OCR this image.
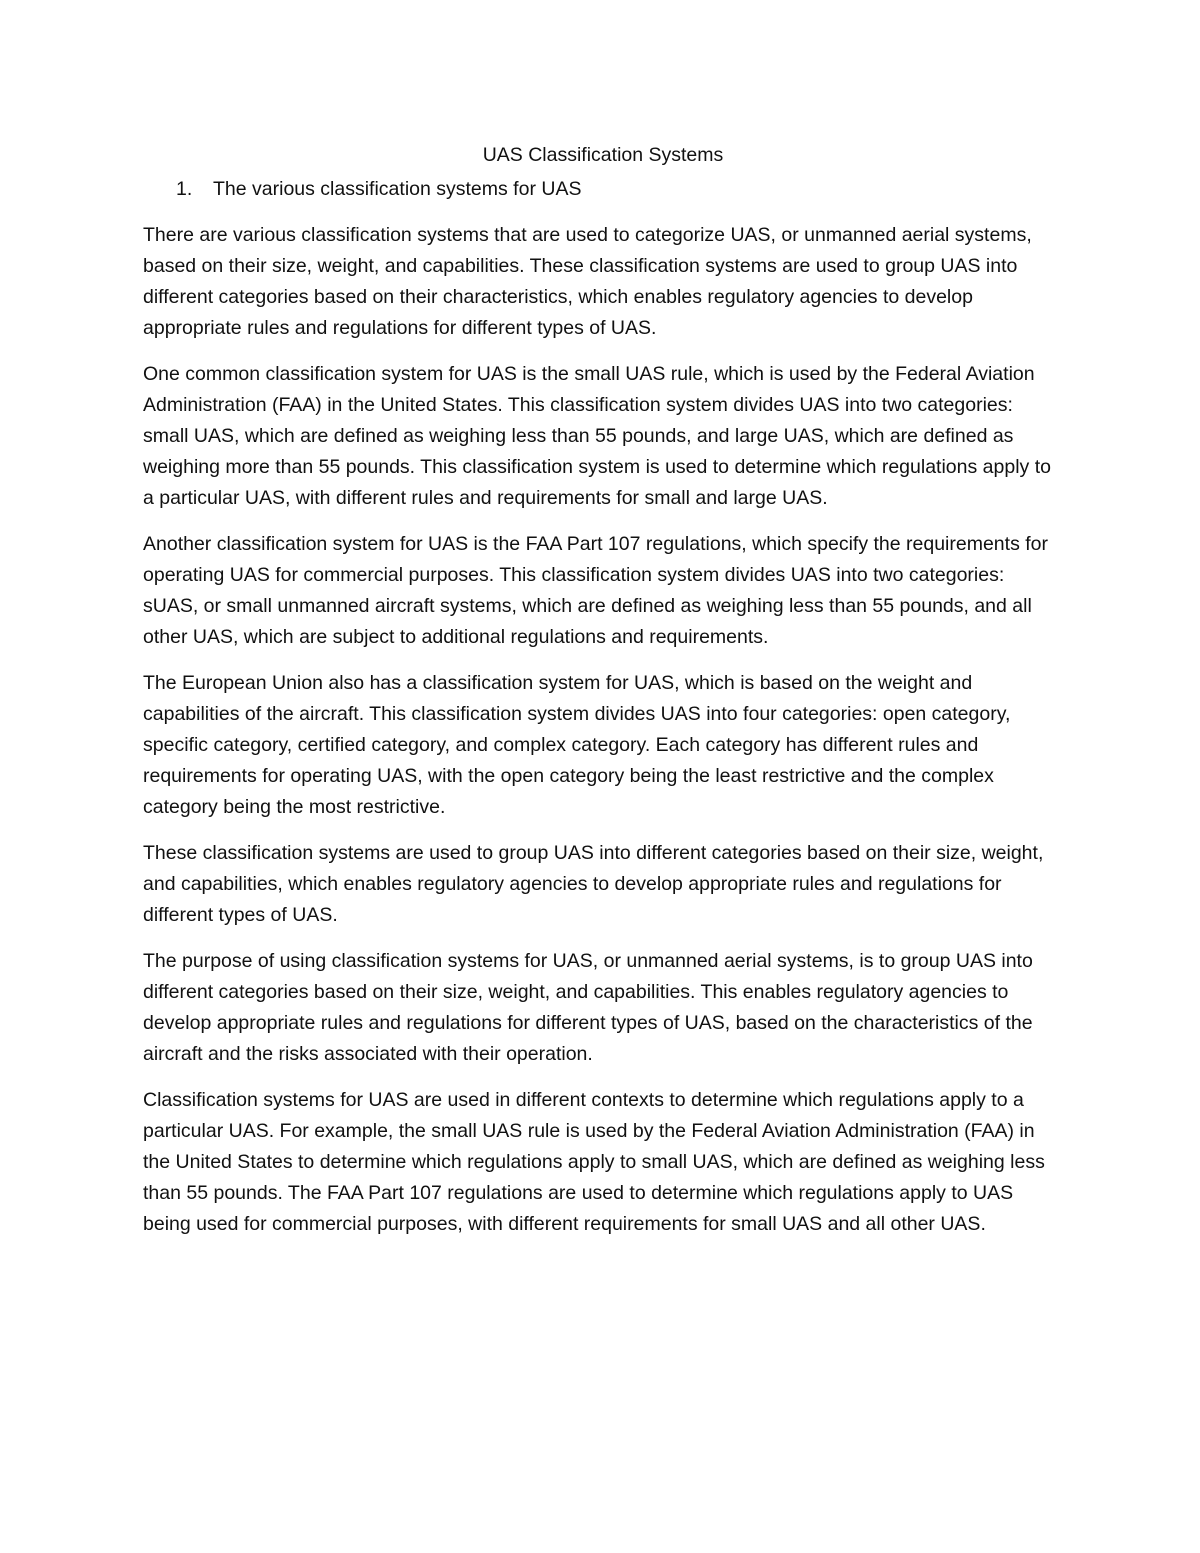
UAS Classification Systems
1.	The various classification systems for UAS

There are various classification systems that are used to categorize UAS, or unmanned aerial systems, based on their size, weight, and capabilities. These classification systems are used to group UAS into different categories based on their characteristics, which enables regulatory agencies to develop appropriate rules and regulations for different types of UAS.

One common classification system for UAS is the small UAS rule, which is used by the Federal Aviation Administration (FAA) in the United States. This classification system divides UAS into two categories: small UAS, which are defined as weighing less than 55 pounds, and large UAS, which are defined as weighing more than 55 pounds. This classification system is used to determine which regulations apply to a particular UAS, with different rules and requirements for small and large UAS.

Another classification system for UAS is the FAA Part 107 regulations, which specify the requirements for operating UAS for commercial purposes. This classification system divides UAS into two categories: sUAS, or small unmanned aircraft systems, which are defined as weighing less than 55 pounds, and all other UAS, which are subject to additional regulations and requirements.

The European Union also has a classification system for UAS, which is based on the weight and capabilities of the aircraft. This classification system divides UAS into four categories: open category, specific category, certified category, and complex category. Each category has different rules and requirements for operating UAS, with the open category being the least restrictive and the complex category being the most restrictive.

These classification systems are used to group UAS into different categories based on their size, weight, and capabilities, which enables regulatory agencies to develop appropriate rules and regulations for different types of UAS.

The purpose of using classification systems for UAS, or unmanned aerial systems, is to group UAS into different categories based on their size, weight, and capabilities. This enables regulatory agencies to develop appropriate rules and regulations for different types of UAS, based on the characteristics of the aircraft and the risks associated with their operation.

Classification systems for UAS are used in different contexts to determine which regulations apply to a particular UAS. For example, the small UAS rule is used by the Federal Aviation Administration (FAA) in the United States to determine which regulations apply to small UAS, which are defined as weighing less than 55 pounds. The FAA Part 107 regulations are used to determine which regulations apply to UAS being used for commercial purposes, with different requirements for small UAS and all other UAS.
